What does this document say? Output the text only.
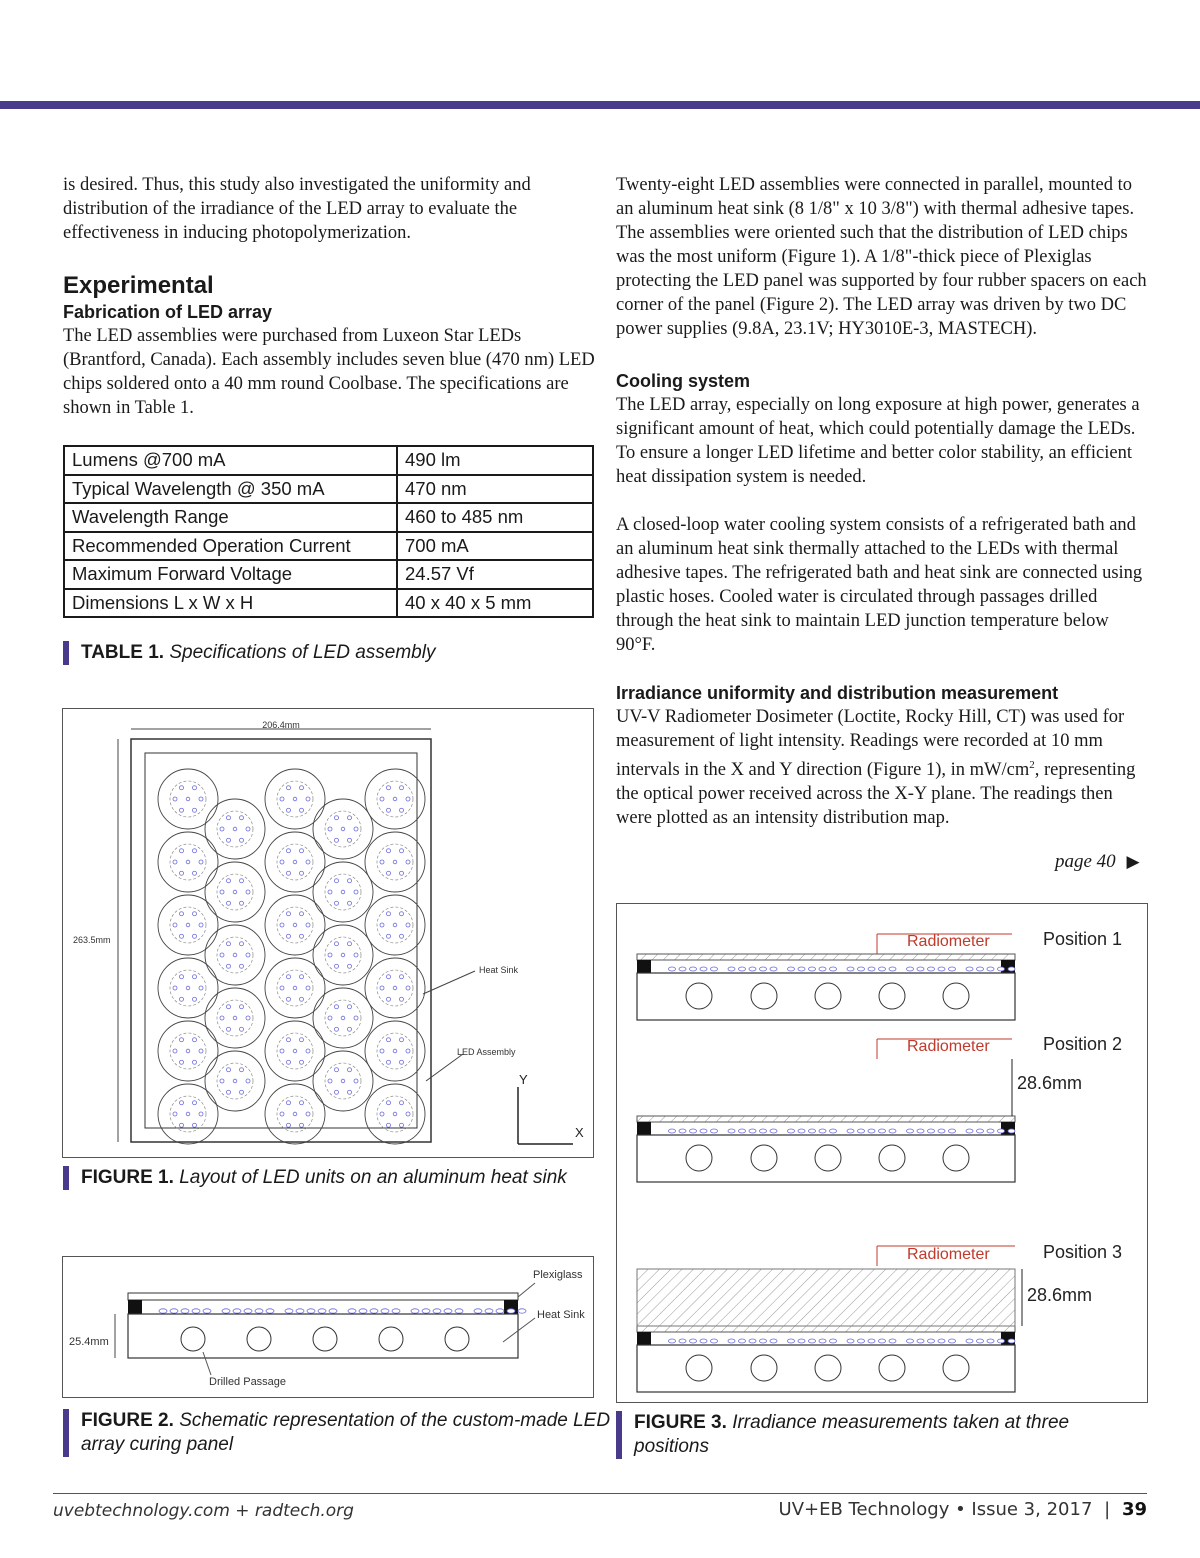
is desired. Thus, this study also investigated the uniformity and distribution of the irradiance of the LED array to evaluate the effectiveness in inducing photopolymerization.

Experimental
Fabrication of LED array

The LED assemblies were purchased from Luxeon Star LEDs (Brantford, Canada). Each assembly includes seven blue (470 nm) LED chips soldered onto a 40 mm round Coolbase. The specifications are shown in Table 1.

Lumens @700 mA	490 lm
Typical Wavelength @ 350 mA	470 nm
Wavelength Range	460 to 485 nm
Recommended Operation Current	700 mA
Maximum Forward Voltage	24.57 Vf
Dimensions L x W x H	40 x 40 x 5 mm
TABLE 1. Specifications of LED assembly
206.4mm
263.5mm
Heat Sink
LED Assembly
Y
X
FIGURE 1. Layout of LED units on an aluminum heat sink
Plexiglass
Heat Sink
25.4mm
Drilled Passage
FIGURE 2. Schematic representation of the custom-made LED array curing panel

Twenty-eight LED assemblies were connected in parallel, mounted to an aluminum heat sink (8 1/8" x 10 3/8") with thermal adhesive tapes. The assemblies were oriented such that the distribution of LED chips was the most uniform (Figure 1). A 1/8"-thick piece of Plexiglas protecting the LED panel was supported by four rubber spacers on each corner of the panel (Figure 2). The LED array was driven by two DC power supplies (9.8A, 23.1V; HY3010E-3, MASTECH).

Cooling system

The LED array, especially on long exposure at high power, generates a significant amount of heat, which could potentially damage the LEDs. To ensure a longer LED lifetime and better color stability, an efficient heat dissipation system is needed.

A closed-loop water cooling system consists of a refrigerated bath and an aluminum heat sink thermally attached to the LEDs with thermal adhesive tapes. The refrigerated bath and heat sink are connected using plastic hoses. Cooled water is circulated through passages drilled through the heat sink to maintain LED junction temperature below 90°F.

Irradiance uniformity and distribution measurement

UV-V Radiometer Dosimeter (Loctite, Rocky Hill, CT) was used for measurement of light intensity. Readings were recorded at 10 mm intervals in the X and Y direction (Figure 1), in $mW/cm^2$, representing the optical power received across the X-Y plane. The readings then were plotted as an intensity distribution map.

page 40 ▶
Radiometer	Position 1
Radiometer	Position 2
28.6mm
Radiometer	Position 3
28.6mm
FIGURE 3. Irradiance measurements taken at three positions
uvebtechnology.com + radtech.org	UV+EB Technology • Issue 3, 2017 | 39
